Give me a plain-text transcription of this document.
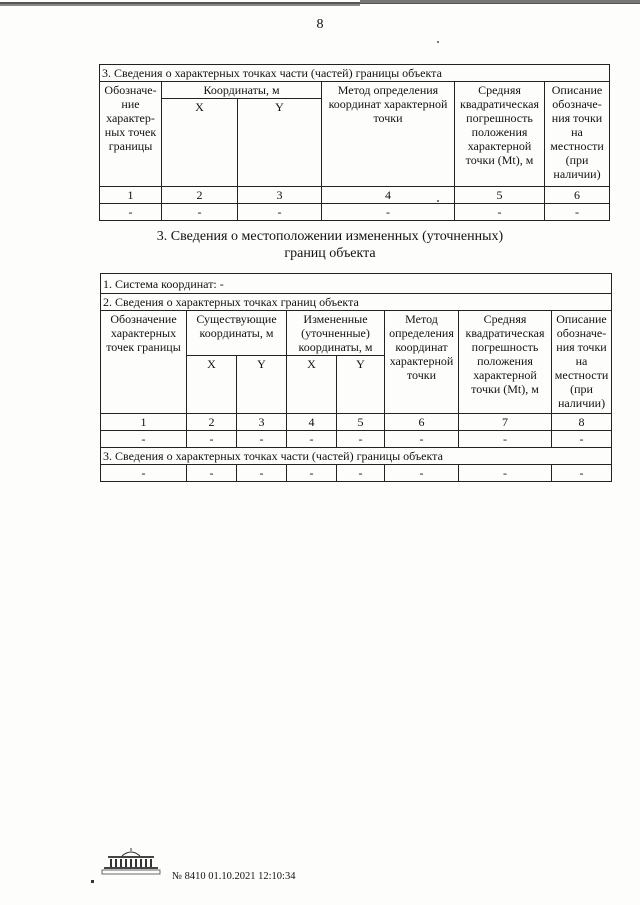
8
3. Сведения о характерных точках части (частей) границы объекта					
Обозначе-ние характер-ных точек границы	Координаты, м		Метод определения координат характерной точки	Средняя квадратическая погрешность положения характерной точки (Mt), м	Описание обозначе-ния точки на местности (при наличии)
	X	Y			
1	2	3	4	5	6
-	-	-	-	-	-
3. Сведения о местоположении измененных (уточненных)
границ объекта
1. Система координат: -							
2. Сведения о характерных точках границ объекта							
Обозначение характерных точек границы	Существующие координаты, м		Измененные (уточненные) координаты, м		Метод определения координат характерной точки	Средняя квадратическая погрешность положения характерной точки (Mt), м	Описание обозначе-ния точки на местности (при наличии)
	X	Y	X	Y			
1	2	3	4	5	6	7	8
-	-	-	-	-	-	-	-
3. Сведения о характерных точках части (частей) границы объекта							
-	-	-	-	-	-	-	-
№ 8410 01.10.2021 12:10:34
